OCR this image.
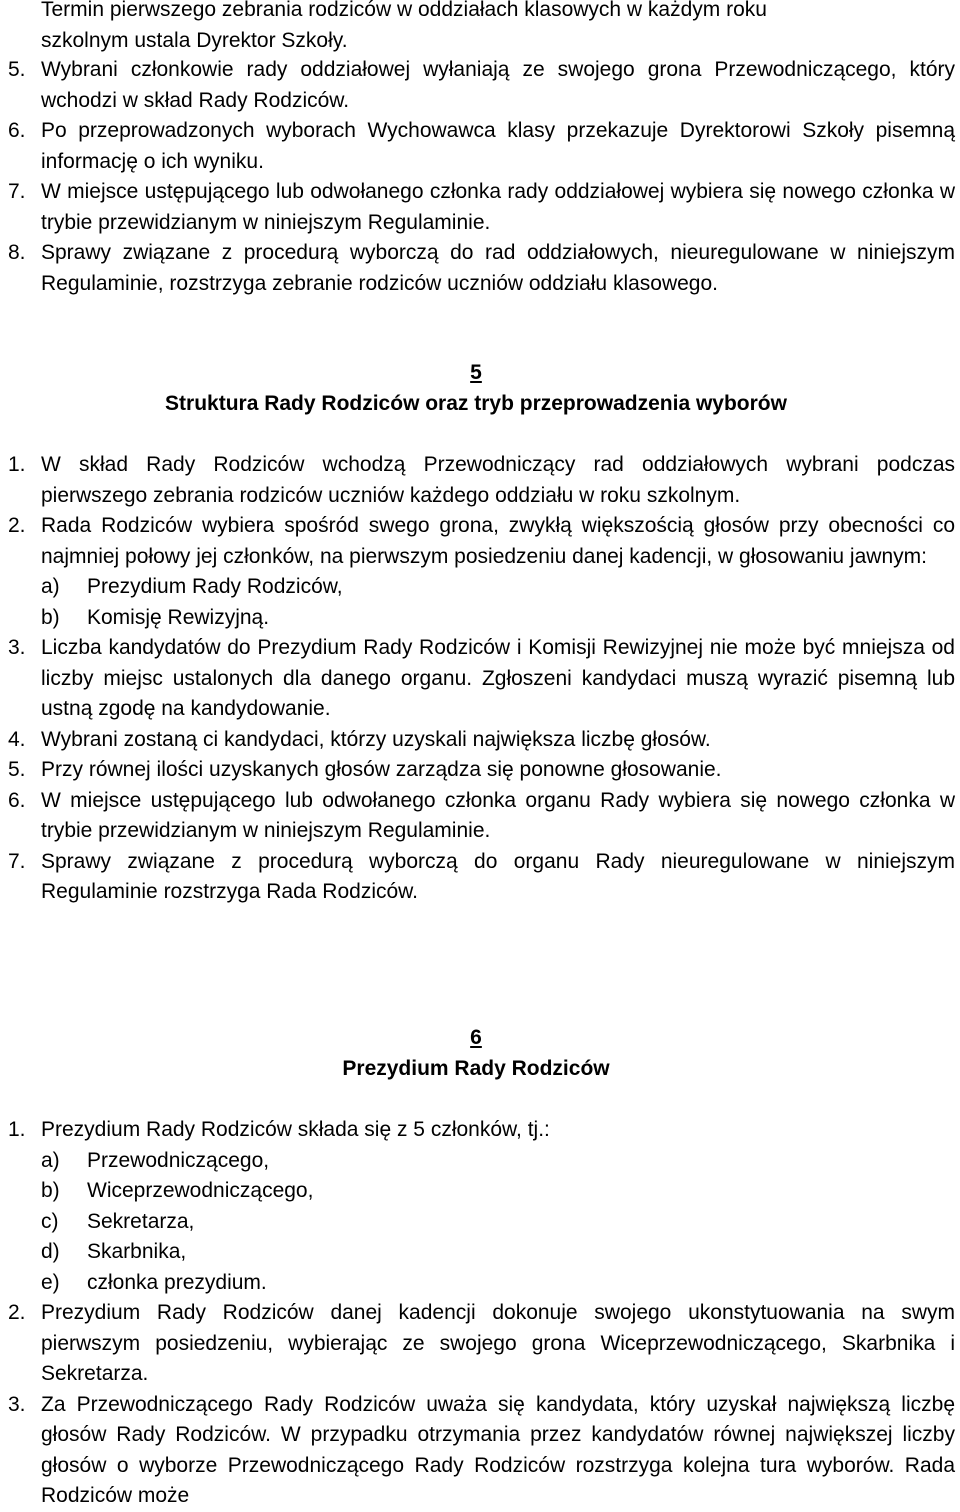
Termin pierwszego zebrania rodziców w oddziałach klasowych w każdym roku
szkolnym ustala Dyrektor Szkoły.
5. Wybrani członkowie rady oddziałowej wyłaniają ze swojego grona Przewodniczącego, który wchodzi w skład Rady Rodziców.
6. Po przeprowadzonych wyborach Wychowawca klasy przekazuje Dyrektorowi Szkoły pisemną informację o ich wyniku.
7. W miejsce ustępującego lub odwołanego członka rady oddziałowej wybiera się nowego członka w trybie przewidzianym w niniejszym Regulaminie.
8. Sprawy związane z procedurą wyborczą do rad oddziałowych, nieuregulowane w niniejszym Regulaminie, rozstrzyga zebranie rodziców uczniów oddziału klasowego.
5
Struktura Rady Rodziców oraz tryb przeprowadzenia wyborów
1. W skład Rady Rodziców wchodzą Przewodniczący rad oddziałowych wybrani podczas pierwszego zebrania rodziców uczniów każdego oddziału w roku szkolnym.
2. Rada Rodziców wybiera spośród swego grona, zwykłą większością głosów przy obecności co najmniej połowy jej członków, na pierwszym posiedzeniu danej kadencji, w głosowaniu jawnym:
a) Prezydium Rady Rodziców,
b) Komisję Rewizyjną.
3. Liczba kandydatów do Prezydium Rady Rodziców i Komisji Rewizyjnej nie może być mniejsza od liczby miejsc ustalonych dla danego organu. Zgłoszeni kandydaci muszą wyrazić pisemną lub ustną zgodę na kandydowanie.
4. Wybrani zostaną ci kandydaci, którzy uzyskali największa liczbę głosów.
5. Przy równej ilości uzyskanych głosów zarządza się ponowne głosowanie.
6. W miejsce ustępującego lub odwołanego członka organu Rady wybiera się nowego członka w trybie przewidzianym w niniejszym Regulaminie.
7. Sprawy związane z procedurą wyborczą do organu Rady nieuregulowane w niniejszym Regulaminie rozstrzyga Rada Rodziców.
6
Prezydium Rady Rodziców
1. Prezydium Rady Rodziców składa się z 5 członków, tj.:
a) Przewodniczącego,
b) Wiceprzewodniczącego,
c) Sekretarza,
d) Skarbnika,
e) członka prezydium.
2. Prezydium Rady Rodziców danej kadencji dokonuje swojego ukonstytuowania na swym pierwszym posiedzeniu, wybierając ze swojego grona Wiceprzewodniczącego, Skarbnika i Sekretarza.
3. Za Przewodniczącego Rady Rodziców uważa się kandydata, który uzyskał największą liczbę głosów Rady Rodziców. W przypadku otrzymania przez kandydatów równej największej liczby głosów o wyborze Przewodniczącego Rady Rodziców rozstrzyga kolejna tura wyborów. Rada Rodziców może
